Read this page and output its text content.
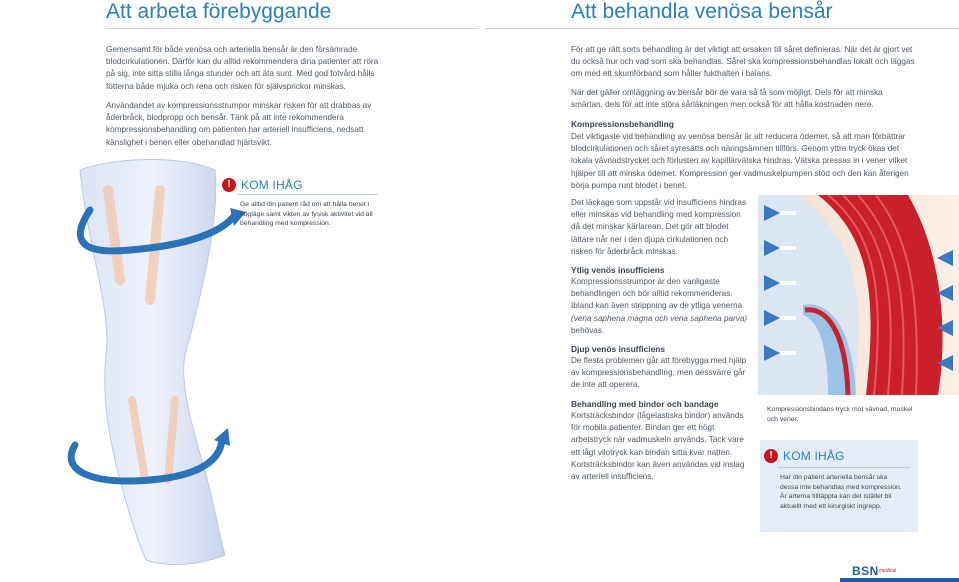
Att arbeta förebyggande

Gemensamt för både venösa och arteriella bensår är den försämrade blodcirkulationen. Därför kan du alltid rekommendera dina patienter att röra på sig, inte sitta stilla långa stunder och att äta sunt. Med god fotvård hålls fötterna både mjuka och rena och risken för självsprickor minskas.

Användandet av kompressionsstrumpor minskar risken för att drabbas av åderbråck, blodpropp och bensår. Tänk på att inte rekommendera kompressionsbehandling om patienten har arteriell insufficiens, nedsatt känslighet i benen eller obehandlad hjärtsvikt.

! KOM IHÅG

Ge alltid din patient råd om att hålla benet i högläge samt vikten av fysisk aktivitet vid all behandling med kompression.

Att behandla venösa bensår

För att ge rätt sorts behandling är det viktigt att orsaken till såret definieras. När det är gjort vet du också hur och vad som ska behandlas. Såret ska kompressionsbehandlas lokalt och läggas om med ett skumförband som håller fukthalten i balans.

När det gäller omläggning av bensår bör de vara så få som möjligt. Dels för att minska smärtan, dels för att inte störa sårläkningen men också för att hålla kostnaden nere.

Kompressionsbehandling

Det viktigaste vid behandling av venösa bensår är att reducera ödemet, så att man förbättrar blodcirkulationen och såret syresätts och näringsämnen tillförs. Genom yttre tryck ökas det lokala vävnadstrycket och förlusten av kapillärvätska hindras. Vätska pressas in i vener vilket hjälper till att minska ödemet. Kompression ger vadmuskelpumpen stöd och den kan återigen börja pumpa runt blodet i benet.

Det läckage som uppstår vid insufficiens hindras eller minskas vid behandling med kompression då det minskar kärlarean. Det gör att blodet lättare når ner i den djupa cirkulationen och risken för åderbråck minskas.

Ytlig venös insufficiens

Kompressionsstrumpor är den vanligaste behandlingen och bör alltid rekommenderas. Ibland kan även strippning av de ytliga venerna (vena saphena magna och vena saphena parva) behövas.

Djup venös insufficiens

De flesta problemen går att förebygga med hjälp av kompressionsbehandling, men dessvärre går de inte att operera.

Behandling med bindor och bandage

Kortsträcksbindor (lågelastiska bindor) används för mobila patienter. Bindan ger ett högt arbetstryck när vadmuskeln används, Tack vare ett lågt vilotryck kan bindan sitta kvar natten. Kortsträcksbindor kan även användas vid inslag av arteriell insufficiens.

Kompressionsbindans tryck mot vävnad, muskel och vener.

! KOM IHÅG

Har din patient arteriella bensår ska dessa inte behandlas med kompression. Är arterna tilltäppta kan det istället bli aktuellt med ett kirurgiskt ingrepp.

BSNmedical
